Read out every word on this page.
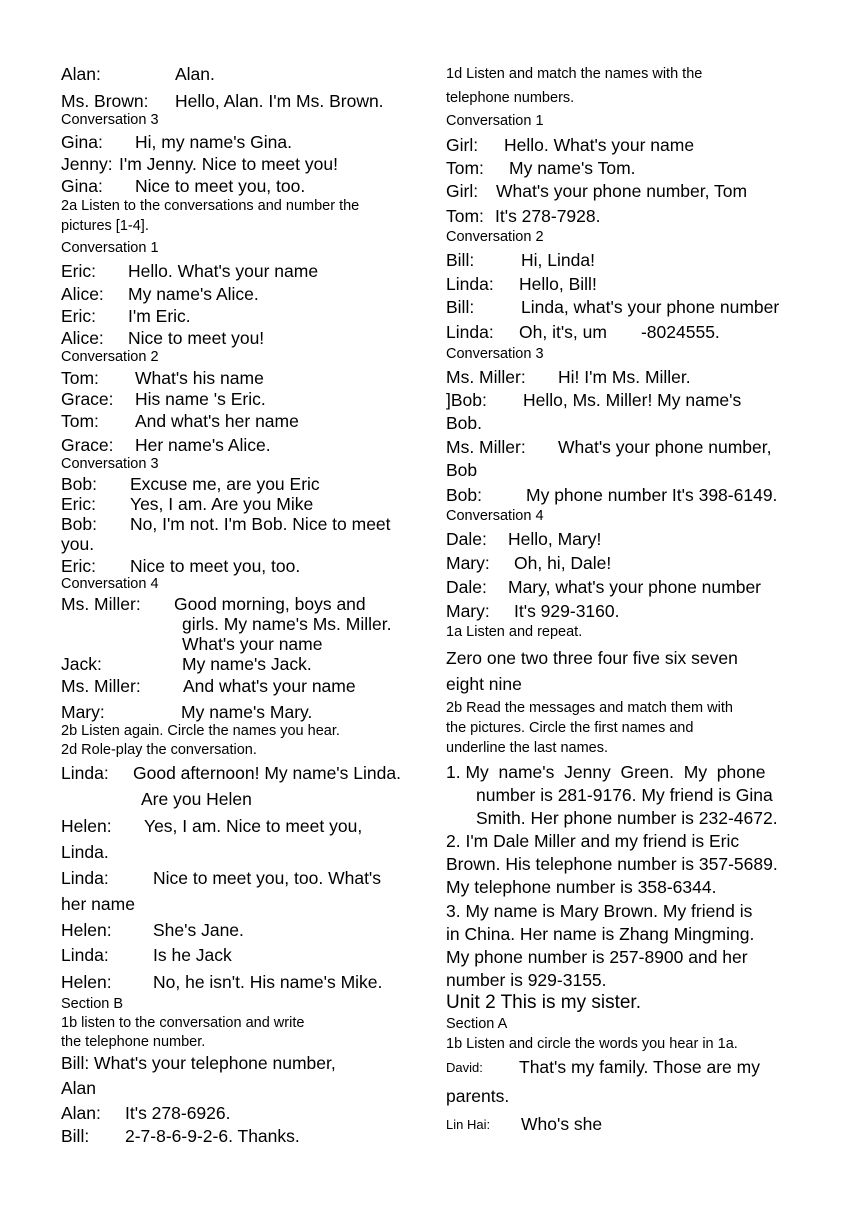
Alan:	Alan.
Ms. Brown: Hello, Alan. I'm Ms. Brown.
Conversation 3
Gina: Hi, my name's Gina.
Jenny: I'm Jenny. Nice to meet you!
Gina: Nice to meet you, too.
2a Listen to the conversations and number the
pictures [1-4].
Conversation 1
Eric: Hello. What's your name
Alice: My name's Alice.
Eric: I'm Eric.
Alice: Nice to meet you!
Conversation 2
Tom: What's his name
Grace: His name 's Eric.
Tom: And what's her name
Grace: Her name's Alice.
Conversation 3
Bob: Excuse me, are you Eric
Eric: Yes, I am. Are you Mike
Bob: No, I'm not. I'm Bob. Nice to meet
you.
Eric: Nice to meet you, too.
Conversation 4
Ms. Miller: Good morning, boys and
girls. My name's Ms. Miller.
What's your name
Jack:	My name's Jack.
Ms. Miller: And what's your name
Mary:	My name's Mary.
2b Listen again. Circle the names you hear.
2d Role-play the conversation.
Linda: Good afternoon! My name's Linda.
Are you Helen
Helen: Yes, I am. Nice to meet you,
Linda.
Linda:	Nice to meet you, too. What's
her name
Helen: She's Jane.
Linda:	Is he Jack
Helen: No, he isn't. His name's Mike.
Section B
1b listen to the conversation and write
the telephone number.
Bill: What's your telephone number,
Alan
Alan: It's 278-6926.
Bill: 2-7-8-6-9-2-6. Thanks.
1d Listen and match the names with the
telephone numbers.
Conversation 1
Girl: Hello. What's your name
Tom: My name's Tom.
Girl: What's your phone number, Tom
Tom: It's 278-7928.
Conversation 2
Bill:	Hi, Linda!
Linda: Hello, Bill!
Bill:	Linda, what's your phone number
Linda: Oh, it's, um       -8024555.
Conversation 3
Ms. Miller: Hi! I'm Ms. Miller.
]Bob: Hello, Ms. Miller! My name's
Bob.
Ms. Miller: What's your phone number,
Bob
Bob:	My phone number It's 398-6149.
Conversation 4
Dale: Hello, Mary!
Mary: Oh, hi, Dale!
Dale: Mary, what's your phone number
Mary: It's 929-3160.
1a Listen and repeat.
Zero one two three four five six seven
eight nine
2b Read the messages and match them with
the pictures. Circle the first names and
underline the last names.
1. My  name's  Jenny  Green.  My  phone
number is 281-9176. My friend is Gina
Smith. Her phone number is 232-4672.
2. I'm Dale Miller and my friend is Eric
Brown. His telephone number is 357-5689.
My telephone number is 358-6344.
3. My name is Mary Brown. My friend is
in China. Her name is Zhang Mingming.
My phone number is 257-8900 and her
number is 929-3155.
Unit 2 This is my sister.
Section A
1b Listen and circle the words you hear in 1a.
David: That's my family. Those are my
parents.
Lin Hai: Who's she
